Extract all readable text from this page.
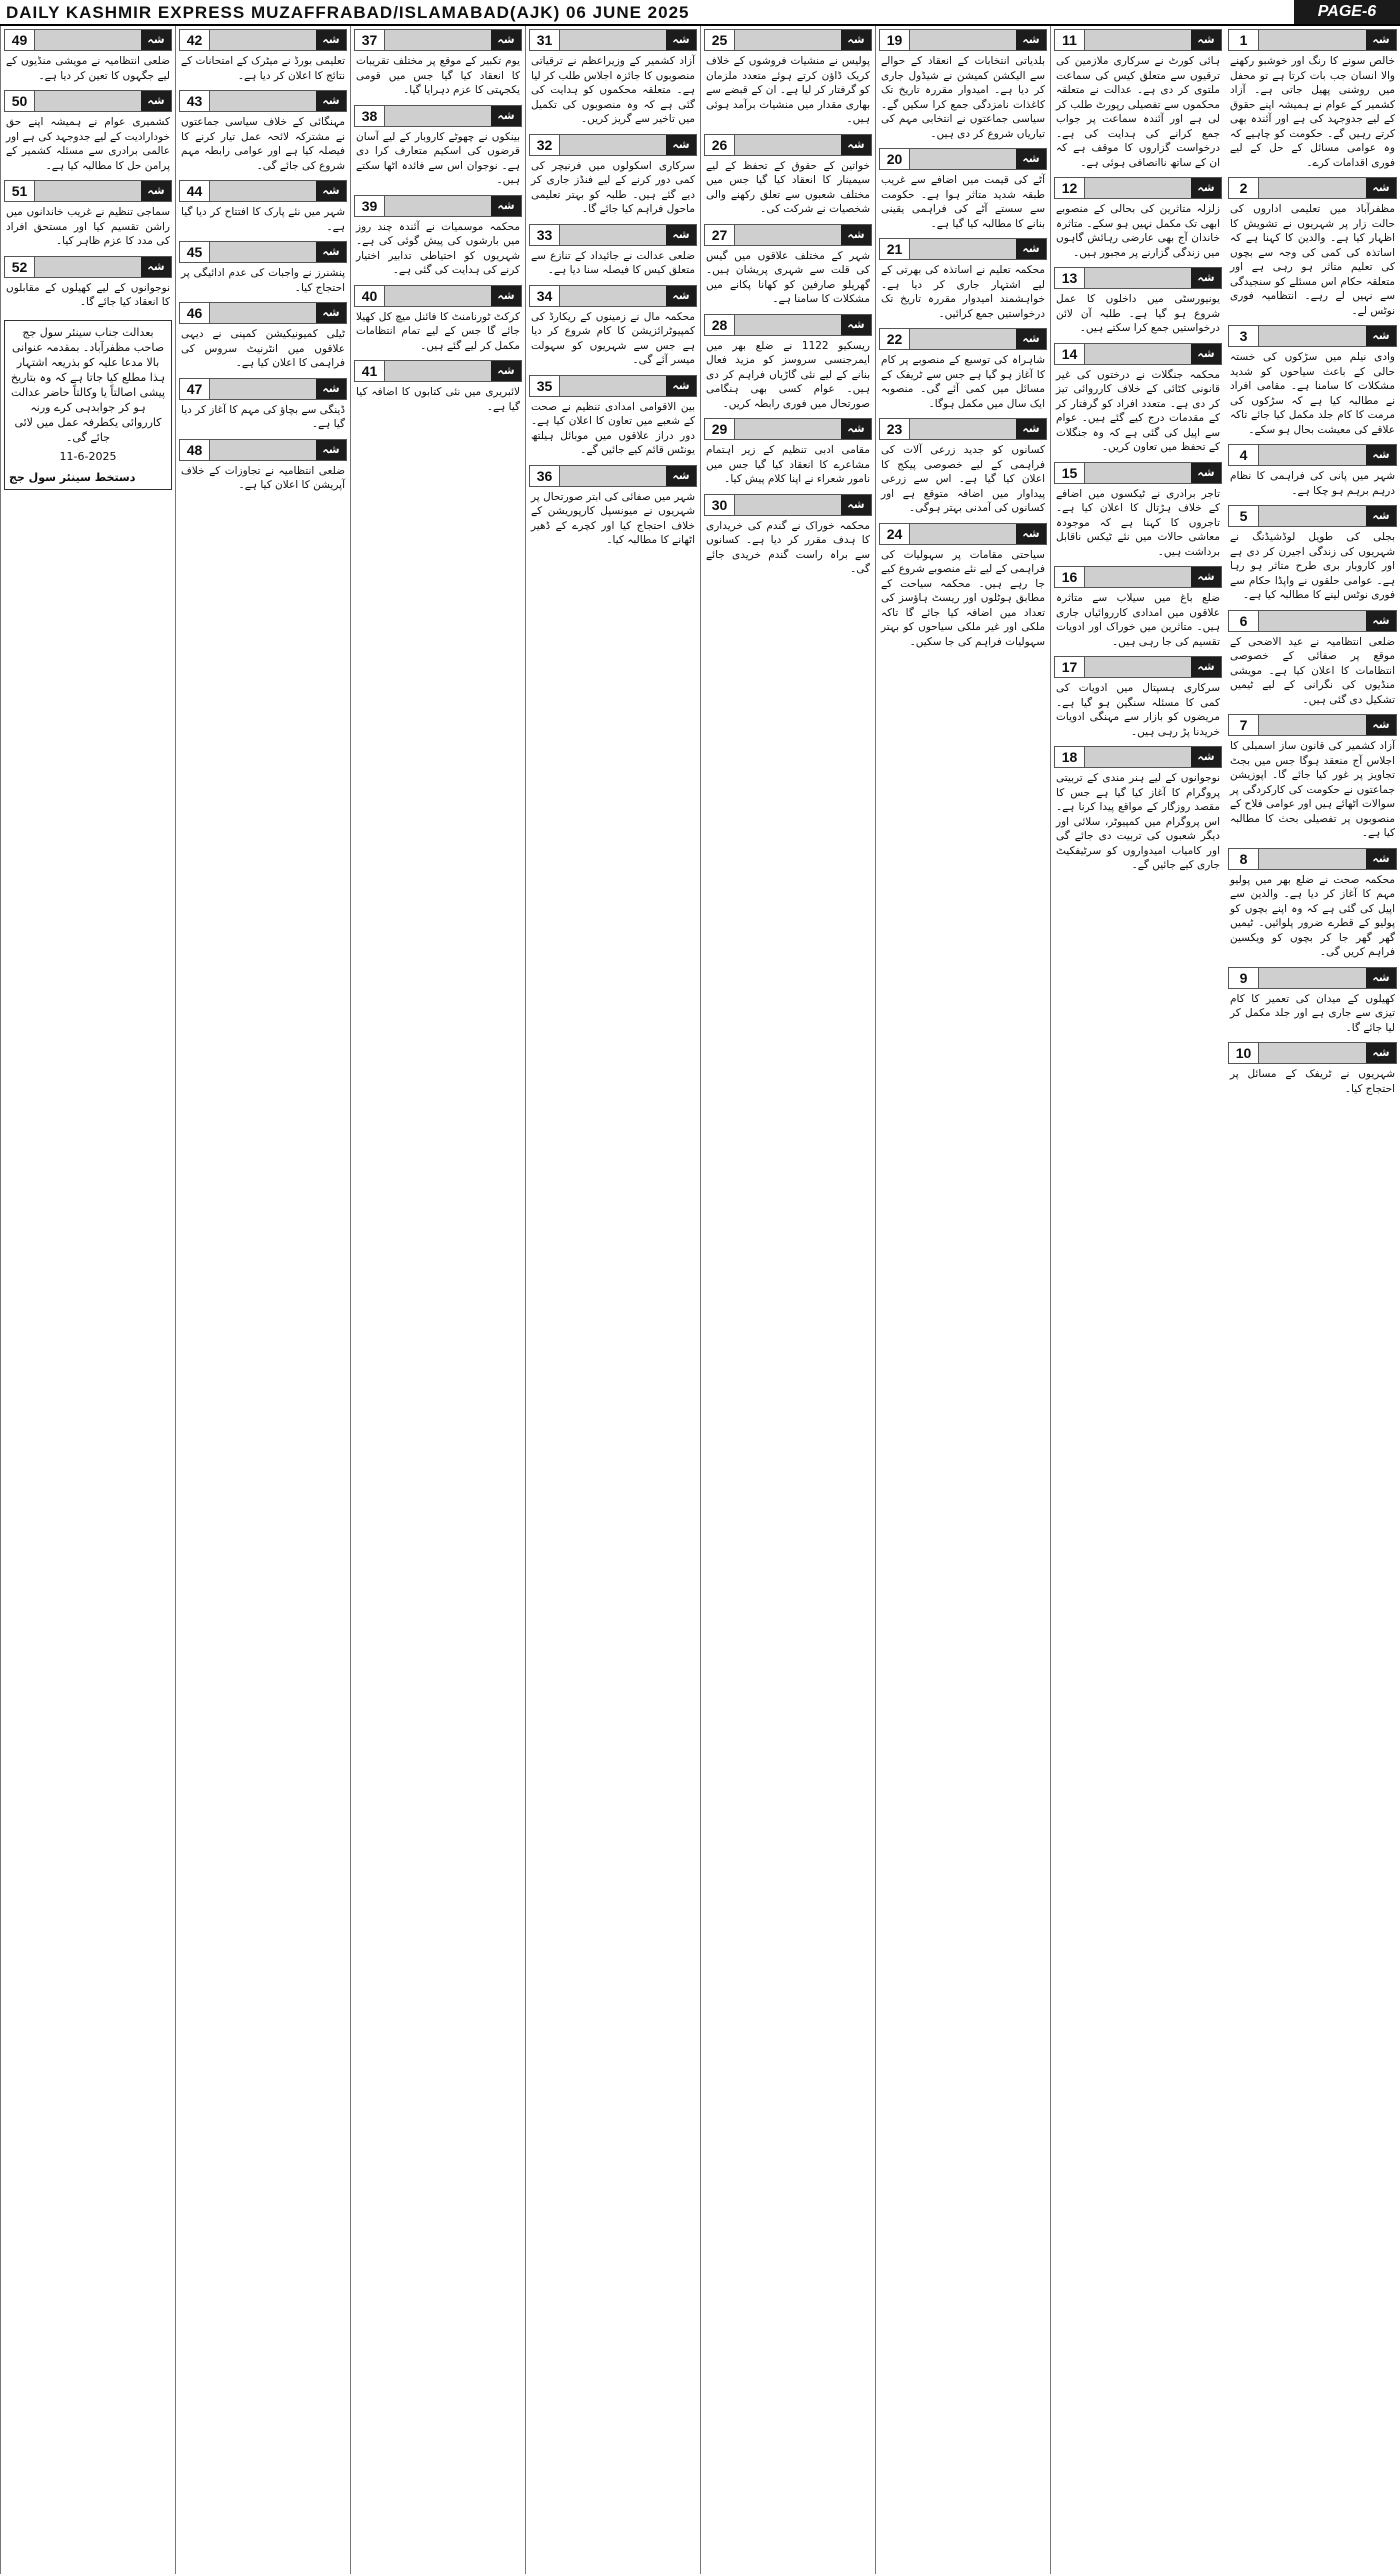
DAILY KASHMIR EXPRESS MUZAFFRABAD/ISLAMABAD(AJK) 06 JUNE 2025	PAGE-6
1	شہ
خالص سونے کا رنگ اور خوشبو رکھنے والا انسان جب بات کرتا ہے تو محفل میں روشنی پھیل جاتی ہے۔ آزاد کشمیر کے عوام نے ہمیشہ اپنے حقوق کے لیے جدوجہد کی ہے اور آئندہ بھی کرتے رہیں گے۔ حکومت کو چاہیے کہ وہ عوامی مسائل کے حل کے لیے فوری اقدامات کرے۔
2	شہ
مظفرآباد میں تعلیمی اداروں کی حالت زار پر شہریوں نے تشویش کا اظہار کیا ہے۔ والدین کا کہنا ہے کہ اساتذہ کی کمی کی وجہ سے بچوں کی تعلیم متاثر ہو رہی ہے اور متعلقہ حکام اس مسئلے کو سنجیدگی سے نہیں لے رہے۔ انتظامیہ فوری نوٹس لے۔
3	شہ
وادی نیلم میں سڑکوں کی خستہ حالی کے باعث سیاحوں کو شدید مشکلات کا سامنا ہے۔ مقامی افراد نے مطالبہ کیا ہے کہ سڑکوں کی مرمت کا کام جلد مکمل کیا جائے تاکہ علاقے کی معیشت بحال ہو سکے۔
4	شہ
شہر میں پانی کی فراہمی کا نظام درہم برہم ہو چکا ہے۔
5	شہ
بجلی کی طویل لوڈشیڈنگ نے شہریوں کی زندگی اجیرن کر دی ہے اور کاروبار بری طرح متاثر ہو رہا ہے۔ عوامی حلقوں نے واپڈا حکام سے فوری نوٹس لینے کا مطالبہ کیا ہے۔
6	شہ
ضلعی انتظامیہ نے عید الاضحی کے موقع پر صفائی کے خصوصی انتظامات کا اعلان کیا ہے۔ مویشی منڈیوں کی نگرانی کے لیے ٹیمیں تشکیل دی گئی ہیں۔
7	شہ
آزاد کشمیر کی قانون ساز اسمبلی کا اجلاس آج منعقد ہوگا جس میں بجٹ تجاویز پر غور کیا جائے گا۔ اپوزیشن جماعتوں نے حکومت کی کارکردگی پر سوالات اٹھائے ہیں اور عوامی فلاح کے منصوبوں پر تفصیلی بحث کا مطالبہ کیا ہے۔
8	شہ
محکمہ صحت نے ضلع بھر میں پولیو مہم کا آغاز کر دیا ہے۔ والدین سے اپیل کی گئی ہے کہ وہ اپنے بچوں کو پولیو کے قطرے ضرور پلوائیں۔ ٹیمیں گھر گھر جا کر بچوں کو ویکسین فراہم کریں گی۔
9	شہ
کھیلوں کے میدان کی تعمیر کا کام تیزی سے جاری ہے اور جلد مکمل کر لیا جائے گا۔
10	شہ
شہریوں نے ٹریفک کے مسائل پر احتجاج کیا۔
11	شہ
ہائی کورٹ نے سرکاری ملازمین کی ترقیوں سے متعلق کیس کی سماعت ملتوی کر دی ہے۔ عدالت نے متعلقہ محکموں سے تفصیلی رپورٹ طلب کر لی ہے اور آئندہ سماعت پر جواب جمع کرانے کی ہدایت کی ہے۔ درخواست گزاروں کا موقف ہے کہ ان کے ساتھ ناانصافی ہوئی ہے۔
12	شہ
زلزلہ متاثرین کی بحالی کے منصوبے ابھی تک مکمل نہیں ہو سکے۔ متاثرہ خاندان آج بھی عارضی رہائش گاہوں میں زندگی گزارنے پر مجبور ہیں۔
13	شہ
یونیورسٹی میں داخلوں کا عمل شروع ہو گیا ہے۔ طلبہ آن لائن درخواستیں جمع کرا سکتے ہیں۔
14	شہ
محکمہ جنگلات نے درختوں کی غیر قانونی کٹائی کے خلاف کارروائی تیز کر دی ہے۔ متعدد افراد کو گرفتار کر کے مقدمات درج کیے گئے ہیں۔ عوام سے اپیل کی گئی ہے کہ وہ جنگلات کے تحفظ میں تعاون کریں۔
15	شہ
تاجر برادری نے ٹیکسوں میں اضافے کے خلاف ہڑتال کا اعلان کیا ہے۔ تاجروں کا کہنا ہے کہ موجودہ معاشی حالات میں نئے ٹیکس ناقابل برداشت ہیں۔
16	شہ
ضلع باغ میں سیلاب سے متاثرہ علاقوں میں امدادی کارروائیاں جاری ہیں۔ متاثرین میں خوراک اور ادویات تقسیم کی جا رہی ہیں۔
17	شہ
سرکاری ہسپتال میں ادویات کی کمی کا مسئلہ سنگین ہو گیا ہے۔ مریضوں کو بازار سے مہنگی ادویات خریدنا پڑ رہی ہیں۔
18	شہ
نوجوانوں کے لیے ہنر مندی کے تربیتی پروگرام کا آغاز کیا گیا ہے جس کا مقصد روزگار کے مواقع پیدا کرنا ہے۔ اس پروگرام میں کمپیوٹر، سلائی اور دیگر شعبوں کی تربیت دی جائے گی اور کامیاب امیدواروں کو سرٹیفکیٹ جاری کیے جائیں گے۔
19	شہ
بلدیاتی انتخابات کے انعقاد کے حوالے سے الیکشن کمیشن نے شیڈول جاری کر دیا ہے۔ امیدوار مقررہ تاریخ تک کاغذات نامزدگی جمع کرا سکیں گے۔ سیاسی جماعتوں نے انتخابی مہم کی تیاریاں شروع کر دی ہیں۔
20	شہ
آٹے کی قیمت میں اضافے سے غریب طبقہ شدید متاثر ہوا ہے۔ حکومت سے سستے آٹے کی فراہمی یقینی بنانے کا مطالبہ کیا گیا ہے۔
21	شہ
محکمہ تعلیم نے اساتذہ کی بھرتی کے لیے اشتہار جاری کر دیا ہے۔ خواہشمند امیدوار مقررہ تاریخ تک درخواستیں جمع کرائیں۔
22	شہ
شاہراہ کی توسیع کے منصوبے پر کام کا آغاز ہو گیا ہے جس سے ٹریفک کے مسائل میں کمی آئے گی۔ منصوبہ ایک سال میں مکمل ہوگا۔
23	شہ
کسانوں کو جدید زرعی آلات کی فراہمی کے لیے خصوصی پیکج کا اعلان کیا گیا ہے۔ اس سے زرعی پیداوار میں اضافہ متوقع ہے اور کسانوں کی آمدنی بہتر ہوگی۔
24	شہ
سیاحتی مقامات پر سہولیات کی فراہمی کے لیے نئے منصوبے شروع کیے جا رہے ہیں۔ محکمہ سیاحت کے مطابق ہوٹلوں اور ریسٹ ہاؤسز کی تعداد میں اضافہ کیا جائے گا تاکہ ملکی اور غیر ملکی سیاحوں کو بہتر سہولیات فراہم کی جا سکیں۔
25	شہ
پولیس نے منشیات فروشوں کے خلاف کریک ڈاؤن کرتے ہوئے متعدد ملزمان کو گرفتار کر لیا ہے۔ ان کے قبضے سے بھاری مقدار میں منشیات برآمد ہوئی ہیں۔
26	شہ
خواتین کے حقوق کے تحفظ کے لیے سیمینار کا انعقاد کیا گیا جس میں مختلف شعبوں سے تعلق رکھنے والی شخصیات نے شرکت کی۔
27	شہ
شہر کے مختلف علاقوں میں گیس کی قلت سے شہری پریشان ہیں۔ گھریلو صارفین کو کھانا پکانے میں مشکلات کا سامنا ہے۔
28	شہ
ریسکیو 1122 نے ضلع بھر میں ایمرجنسی سروسز کو مزید فعال بنانے کے لیے نئی گاڑیاں فراہم کر دی ہیں۔ عوام کسی بھی ہنگامی صورتحال میں فوری رابطہ کریں۔
29	شہ
مقامی ادبی تنظیم کے زیر اہتمام مشاعرے کا انعقاد کیا گیا جس میں نامور شعراء نے اپنا کلام پیش کیا۔
30	شہ
محکمہ خوراک نے گندم کی خریداری کا ہدف مقرر کر دیا ہے۔ کسانوں سے براہ راست گندم خریدی جائے گی۔
31	شہ
آزاد کشمیر کے وزیراعظم نے ترقیاتی منصوبوں کا جائزہ اجلاس طلب کر لیا ہے۔ متعلقہ محکموں کو ہدایت کی گئی ہے کہ وہ منصوبوں کی تکمیل میں تاخیر سے گریز کریں۔
32	شہ
سرکاری اسکولوں میں فرنیچر کی کمی دور کرنے کے لیے فنڈز جاری کر دیے گئے ہیں۔ طلبہ کو بہتر تعلیمی ماحول فراہم کیا جائے گا۔
33	شہ
ضلعی عدالت نے جائیداد کے تنازع سے متعلق کیس کا فیصلہ سنا دیا ہے۔
34	شہ
محکمہ مال نے زمینوں کے ریکارڈ کی کمپیوٹرائزیشن کا کام شروع کر دیا ہے جس سے شہریوں کو سہولت میسر آئے گی۔
35	شہ
بین الاقوامی امدادی تنظیم نے صحت کے شعبے میں تعاون کا اعلان کیا ہے۔ دور دراز علاقوں میں موبائل ہیلتھ یونٹس قائم کیے جائیں گے۔
36	شہ
شہر میں صفائی کی ابتر صورتحال پر شہریوں نے میونسپل کارپوریشن کے خلاف احتجاج کیا اور کچرے کے ڈھیر اٹھانے کا مطالبہ کیا۔
37	شہ
یوم تکبیر کے موقع پر مختلف تقریبات کا انعقاد کیا گیا جس میں قومی یکجہتی کا عزم دہرایا گیا۔
38	شہ
بینکوں نے چھوٹے کاروبار کے لیے آسان قرضوں کی اسکیم متعارف کرا دی ہے۔ نوجوان اس سے فائدہ اٹھا سکتے ہیں۔
39	شہ
محکمہ موسمیات نے آئندہ چند روز میں بارشوں کی پیش گوئی کی ہے۔ شہریوں کو احتیاطی تدابیر اختیار کرنے کی ہدایت کی گئی ہے۔
40	شہ
کرکٹ ٹورنامنٹ کا فائنل میچ کل کھیلا جائے گا جس کے لیے تمام انتظامات مکمل کر لیے گئے ہیں۔
41	شہ
لائبریری میں نئی کتابوں کا اضافہ کیا گیا ہے۔
42	شہ
تعلیمی بورڈ نے میٹرک کے امتحانات کے نتائج کا اعلان کر دیا ہے۔
43	شہ
مہنگائی کے خلاف سیاسی جماعتوں نے مشترکہ لائحہ عمل تیار کرنے کا فیصلہ کیا ہے اور عوامی رابطہ مہم شروع کی جائے گی۔
44	شہ
شہر میں نئے پارک کا افتتاح کر دیا گیا ہے۔
45	شہ
پنشنرز نے واجبات کی عدم ادائیگی پر احتجاج کیا۔
46	شہ
ٹیلی کمیونیکیشن کمپنی نے دیہی علاقوں میں انٹرنیٹ سروس کی فراہمی کا اعلان کیا ہے۔
47	شہ
ڈینگی سے بچاؤ کی مہم کا آغاز کر دیا گیا ہے۔
48	شہ
ضلعی انتظامیہ نے تجاوزات کے خلاف آپریشن کا اعلان کیا ہے۔
49	شہ
ضلعی انتظامیہ نے مویشی منڈیوں کے لیے جگہوں کا تعین کر دیا ہے۔
50	شہ
کشمیری عوام نے ہمیشہ اپنے حق خودارادیت کے لیے جدوجہد کی ہے اور عالمی برادری سے مسئلہ کشمیر کے پرامن حل کا مطالبہ کیا ہے۔
51	شہ
سماجی تنظیم نے غریب خاندانوں میں راشن تقسیم کیا اور مستحق افراد کی مدد کا عزم ظاہر کیا۔
52	شہ
نوجوانوں کے لیے کھیلوں کے مقابلوں کا انعقاد کیا جائے گا۔
بعدالت جناب سینئر سول جج صاحب مظفرآباد۔ بمقدمہ عنوانی بالا مدعا علیہ کو بذریعہ اشتہار ہذا مطلع کیا جاتا ہے کہ وہ بتاریخ پیشی اصالتاً یا وکالتاً حاضر عدالت ہو کر جوابدہی کرے ورنہ کارروائی یکطرفہ عمل میں لائی جائے گی۔
11-6-2025
دستخط سینئر سول جج
